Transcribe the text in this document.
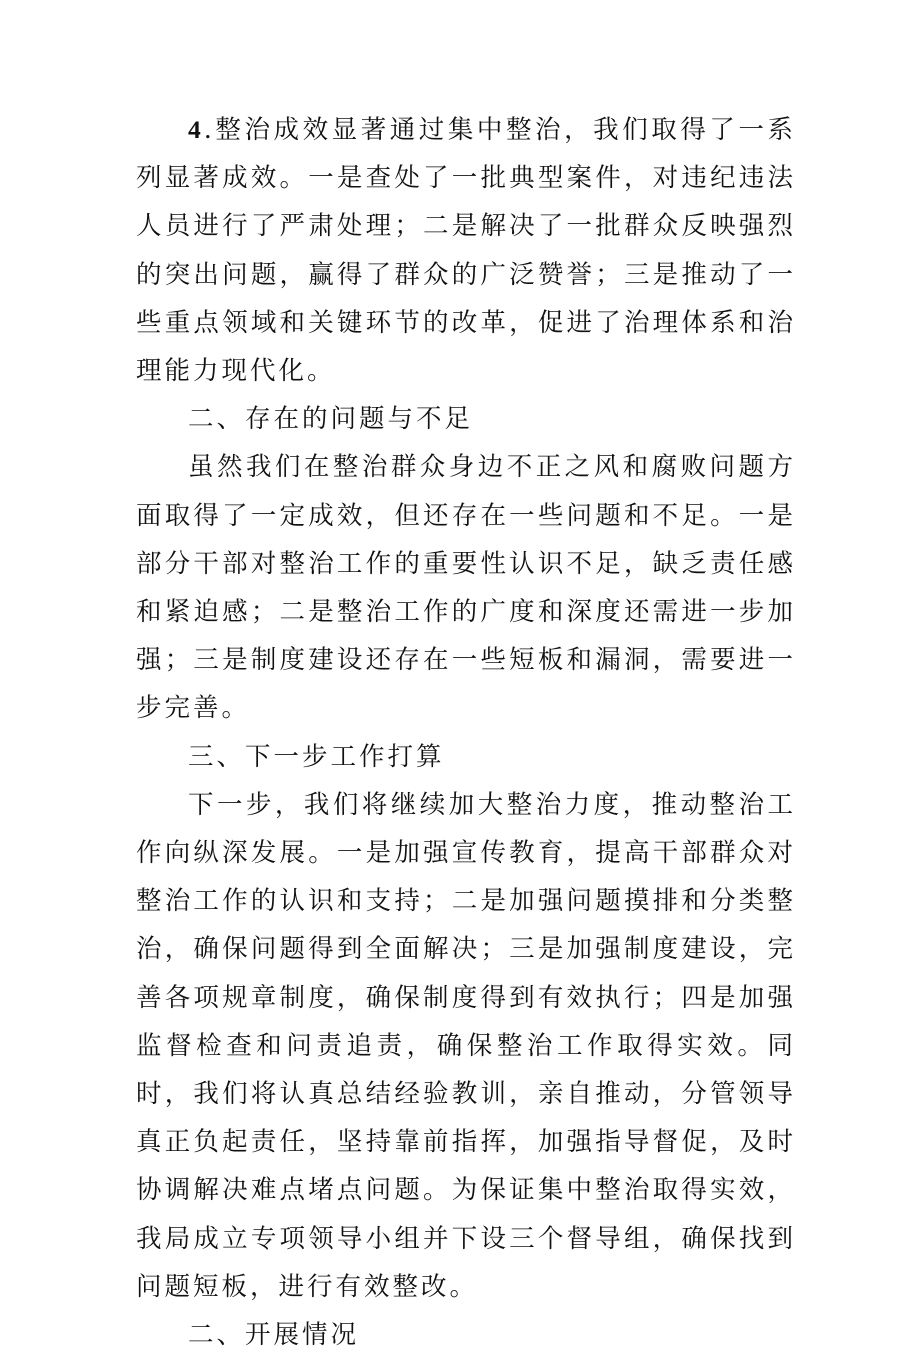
4.整治成效显著通过集中整治，我们取得了一系列显著成效。一是查处了一批典型案件，对违纪违法人员进行了严肃处理；二是解决了一批群众反映强烈的突出问题，赢得了群众的广泛赞誉；三是推动了一些重点领域和关键环节的改革，促进了治理体系和治理能力现代化。

二、存在的问题与不足

虽然我们在整治群众身边不正之风和腐败问题方面取得了一定成效，但还存在一些问题和不足。一是部分干部对整治工作的重要性认识不足，缺乏责任感和紧迫感；二是整治工作的广度和深度还需进一步加强；三是制度建设还存在一些短板和漏洞，需要进一步完善。

三、下一步工作打算

下一步，我们将继续加大整治力度，推动整治工作向纵深发展。一是加强宣传教育，提高干部群众对整治工作的认识和支持；二是加强问题摸排和分类整治，确保问题得到全面解决；三是加强制度建设，完善各项规章制度，确保制度得到有效执行；四是加强监督检查和问责追责，确保整治工作取得实效。同时，我们将认真总结经验教训，亲自推动，分管领导真正负起责任，坚持靠前指挥，加强指导督促，及时协调解决难点堵点问题。为保证集中整治取得实效，我局成立专项领导小组并下设三个督导组，确保找到问题短板，进行有效整改。

二、开展情况
